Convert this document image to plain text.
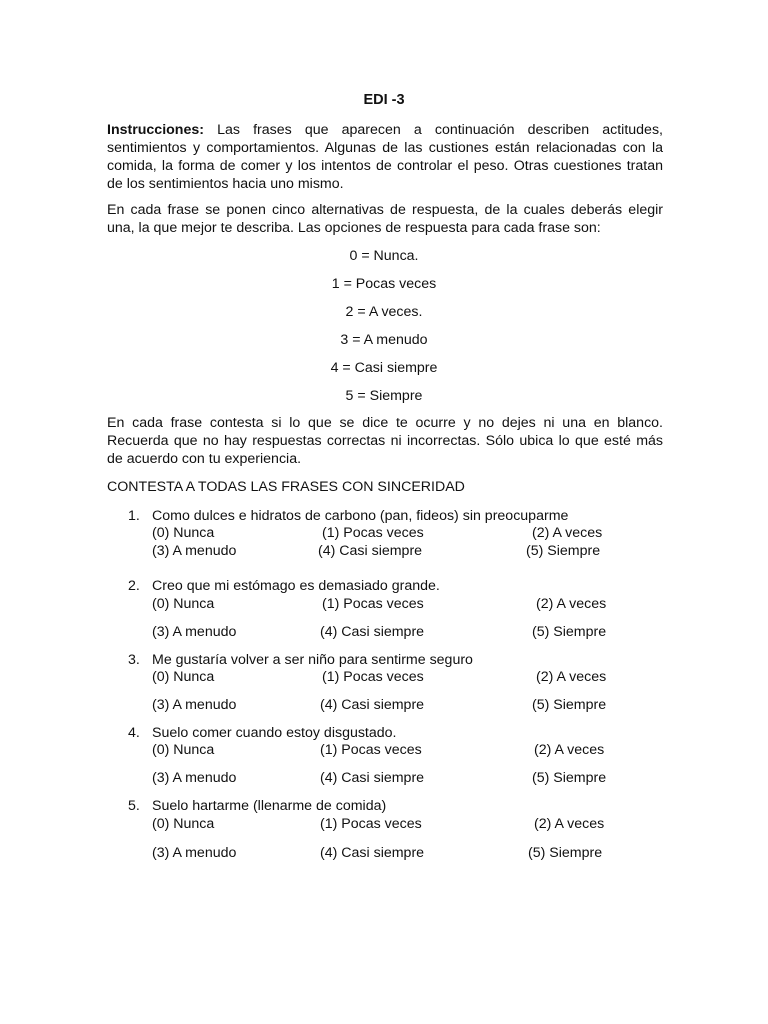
EDI -3
Instrucciones: Las frases que aparecen a continuación describen actitudes, sentimientos y comportamientos. Algunas de las custiones están relacionadas con la comida, la forma de comer y los intentos de controlar el peso. Otras cuestiones tratan de los sentimientos hacia uno mismo.
En cada frase se ponen cinco alternativas de respuesta, de la cuales deberás elegir una, la que mejor te describa. Las opciones de respuesta para cada frase son:
0 = Nunca.
1 = Pocas veces
2 = A veces.
3 = A menudo
4 = Casi siempre
5 = Siempre
En cada frase contesta si lo que se dice te ocurre y no dejes ni una en blanco. Recuerda que no hay respuestas correctas ni incorrectas. Sólo ubica lo que esté más de acuerdo con tu experiencia.
CONTESTA A TODAS LAS FRASES CON SINCERIDAD
1. Como dulces e hidratos de carbono (pan, fideos) sin preocuparme
(0) Nunca	(1) Pocas veces	(2) A veces
(3) A menudo	(4) Casi siempre	(5) Siempre
2. Creo que mi estómago es demasiado grande.
(0) Nunca	(1) Pocas veces	(2) A veces
(3) A menudo	(4) Casi siempre	(5) Siempre
3. Me gustaría volver a ser niño para sentirme seguro
(0) Nunca	(1) Pocas veces	(2) A veces
(3) A menudo	(4) Casi siempre	(5) Siempre
4. Suelo comer cuando estoy disgustado.
(0) Nunca	(1) Pocas veces	(2) A veces
(3) A menudo	(4) Casi siempre	(5) Siempre
5. Suelo hartarme (llenarme de comida)
(0) Nunca	(1) Pocas veces	(2) A veces
(3) A menudo	(4) Casi siempre	(5) Siempre
